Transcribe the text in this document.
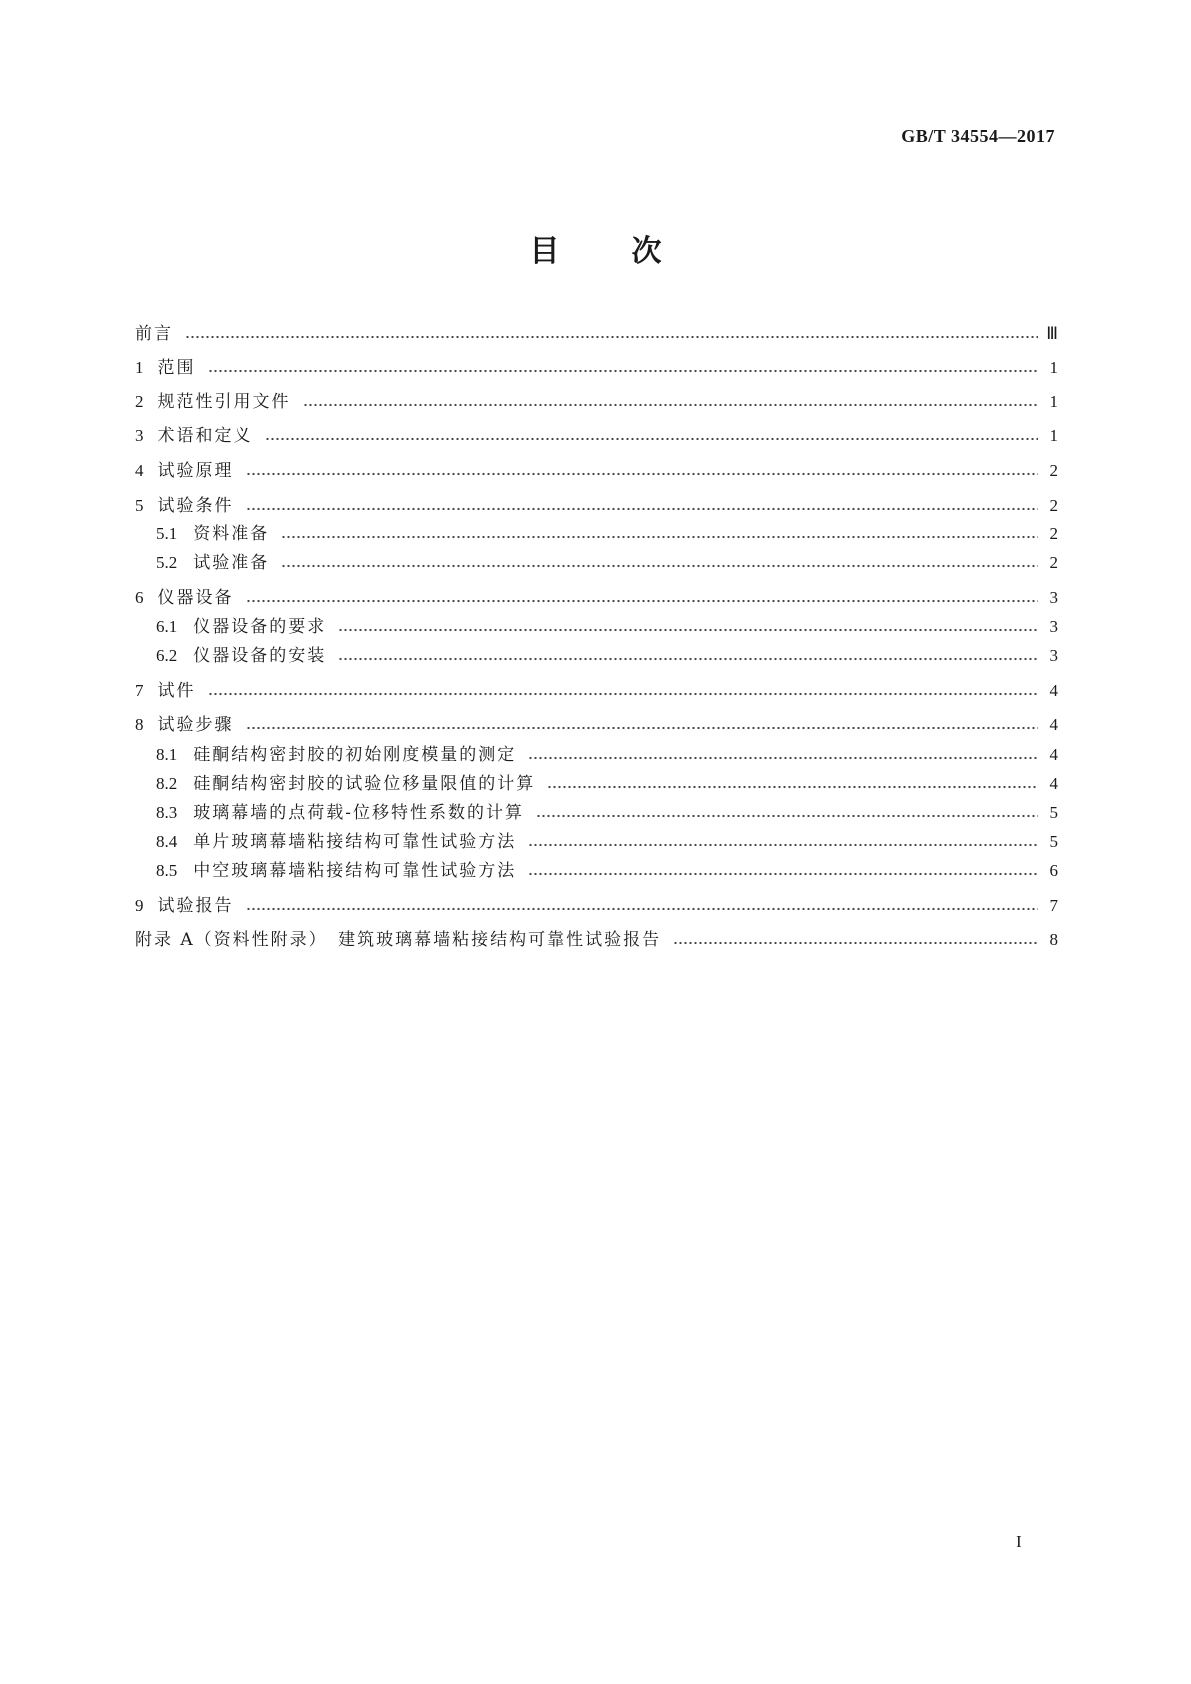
GB/T 34554—2017
目 次
前言	Ⅲ
1 范围	1
2 规范性引用文件	1
3 术语和定义	1
4 试验原理	2
5 试验条件	2
5.1 资料准备	2
5.2 试验准备	2
6 仪器设备	3
6.1 仪器设备的要求	3
6.2 仪器设备的安装	3
7 试件	4
8 试验步骤	4
8.1 硅酮结构密封胶的初始刚度模量的测定	4
8.2 硅酮结构密封胶的试验位移量限值的计算	4
8.3 玻璃幕墙的点荷载-位移特性系数的计算	5
8.4 单片玻璃幕墙粘接结构可靠性试验方法	5
8.5 中空玻璃幕墙粘接结构可靠性试验方法	6
9 试验报告	7
附录 A（资料性附录）　建筑玻璃幕墙粘接结构可靠性试验报告	8
I
